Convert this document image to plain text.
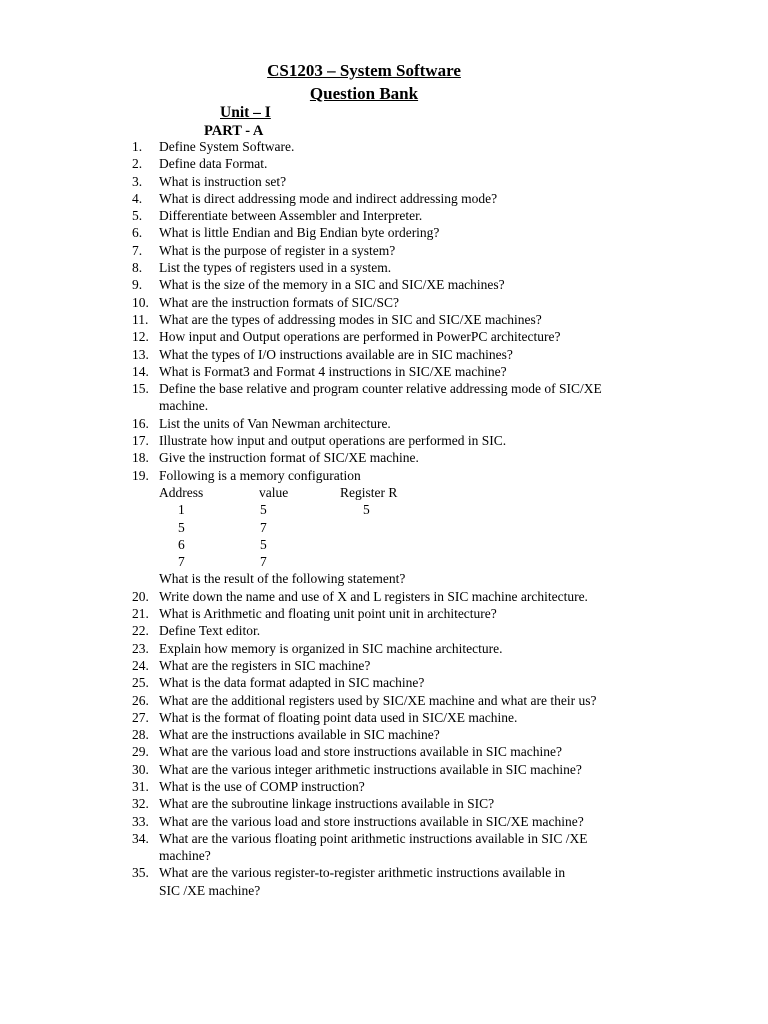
CS1203 – System Software
Question Bank
Unit – I
PART - A
1. Define System Software.
2. Define data Format.
3. What is instruction set?
4. What is direct addressing mode and indirect addressing mode?
5. Differentiate between Assembler and Interpreter.
6. What is little Endian and Big Endian byte ordering?
7. What is the purpose of register in a system?
8. List the types of registers used in a system.
9. What is the size of the memory in a SIC and SIC/XE machines?
10. What are the instruction formats of SIC/SC?
11. What are the types of addressing modes in SIC and SIC/XE machines?
12. How input and Output operations are performed in PowerPC architecture?
13. What the types of I/O instructions available are in SIC machines?
14. What is Format3 and Format 4 instructions in SIC/XE machine?
15. Define the base relative and program counter relative addressing mode of SIC/XE
machine.
16. List the units of Van Newman architecture.
17. Illustrate how input and output operations are performed in SIC.
18. Give the instruction format of SIC/XE machine.
19. Following is a memory configuration
Address	value	Register R
1	5	5
5	7
6	5
7	7
What is the result of the following statement?
20. Write down the name and use of X and L registers in SIC machine architecture.
21. What is Arithmetic and floating unit point unit in architecture?
22. Define Text editor.
23. Explain how memory is organized in SIC machine architecture.
24. What are the registers in SIC machine?
25. What is the data format adapted in SIC machine?
26. What are the additional registers used by SIC/XE machine and what are their us?
27. What is the format of floating point data used in SIC/XE machine.
28. What are the instructions available in SIC machine?
29. What are the various load and store instructions available in SIC machine?
30. What are the various integer arithmetic instructions available in SIC machine?
31. What is the use of COMP instruction?
32. What are the subroutine linkage instructions available in SIC?
33. What are the various load and store instructions available in SIC/XE machine?
34. What are the various floating point arithmetic instructions available in SIC /XE
machine?
35. What are the various register-to-register arithmetic instructions available in
SIC /XE machine?
